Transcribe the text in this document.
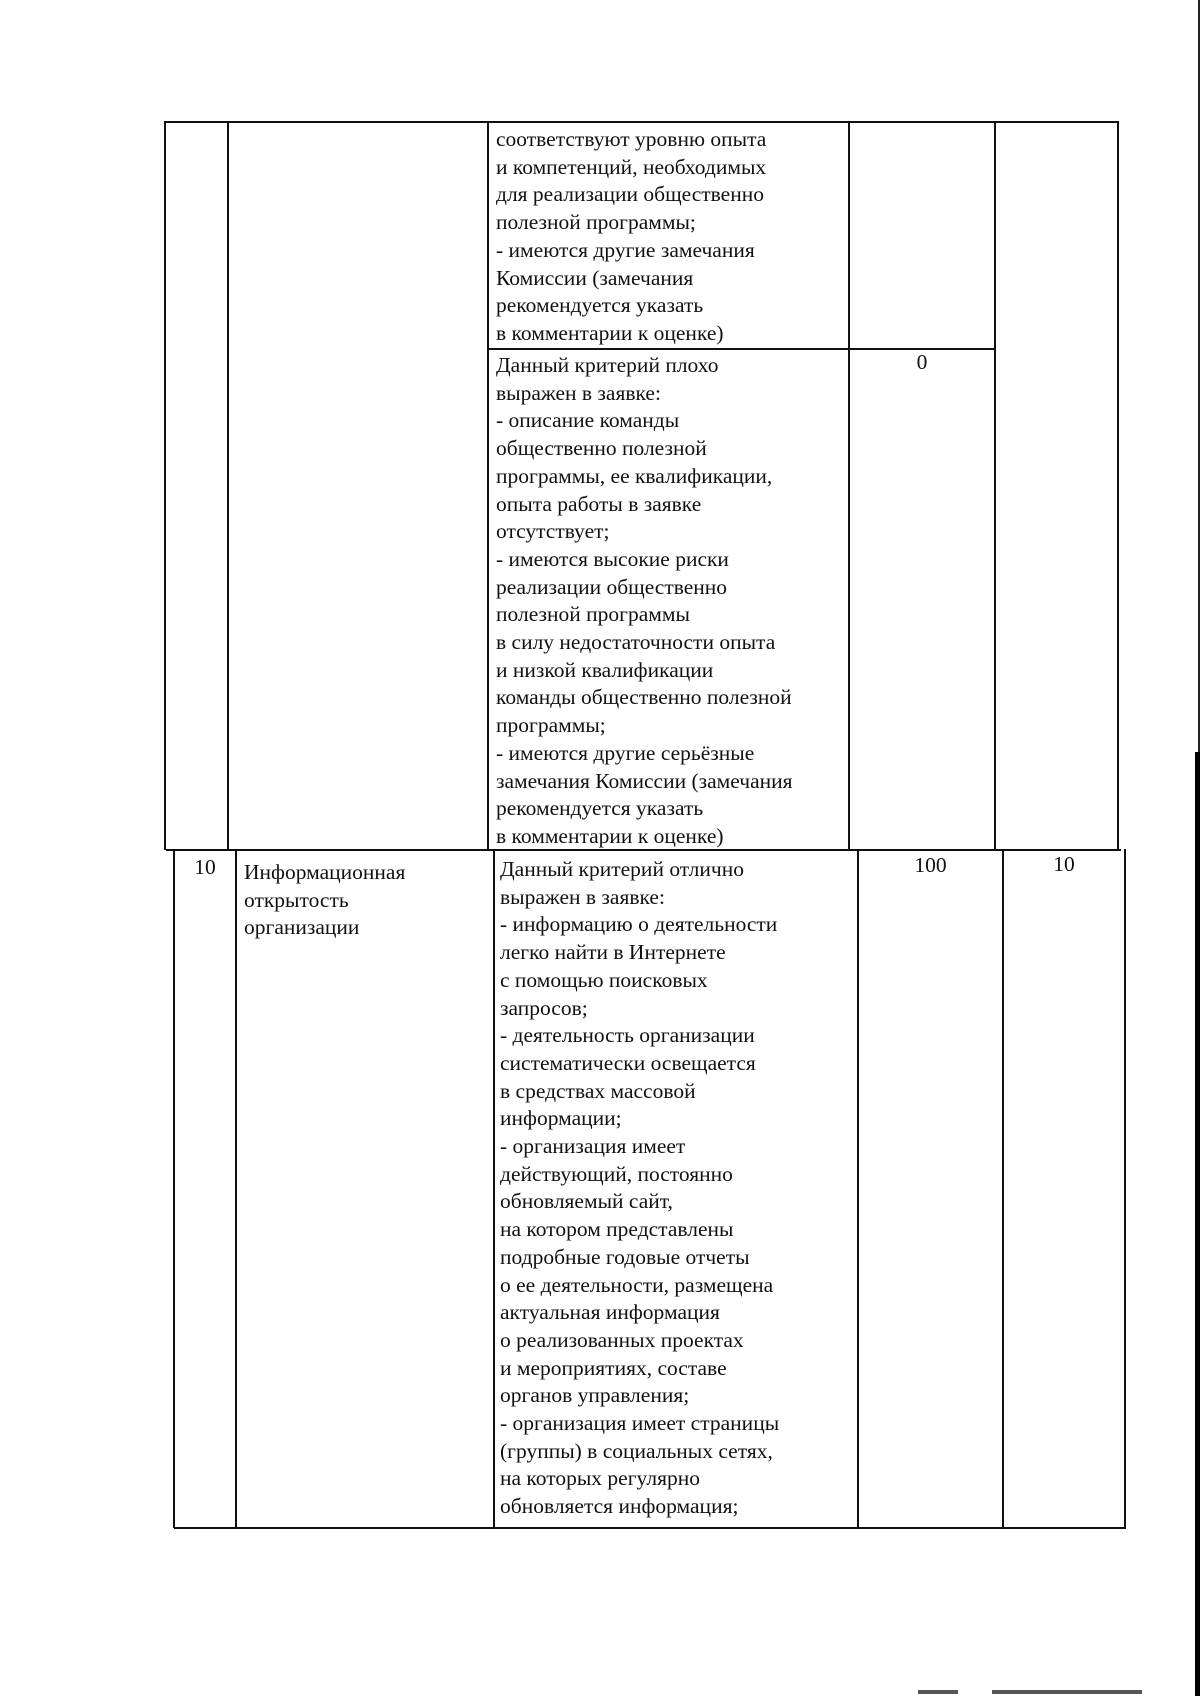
соответствуют уровню опыта
и компетенций, необходимых
для реализации общественно
полезной программы;
- имеются другие замечания
Комиссии (замечания
рекомендуется указать
в комментарии к оценке)
0
Данный критерий плохо
выражен в заявке:
- описание команды
общественно полезной
программы, ее квалификации,
опыта работы в заявке
отсутствует;
- имеются высокие риски
реализации общественно
полезной программы
в силу недостаточности опыта
и низкой квалификации
команды общественно полезной
программы;
- имеются другие серьёзные
замечания Комиссии (замечания
рекомендуется указать
в комментарии к оценке)
10	Информационная
открытость
организации
100	10
Данный критерий отлично
выражен в заявке:
- информацию о деятельности
легко найти в Интернете
с помощью поисковых
запросов;
- деятельность организации
систематически освещается
в средствах массовой
информации;
- организация имеет
действующий, постоянно
обновляемый сайт,
на котором представлены
подробные годовые отчеты
о ее деятельности, размещена
актуальная информация
о реализованных проектах
и мероприятиях, составе
органов управления;
- организация имеет страницы
(группы) в социальных сетях,
на которых регулярно
обновляется информация;
